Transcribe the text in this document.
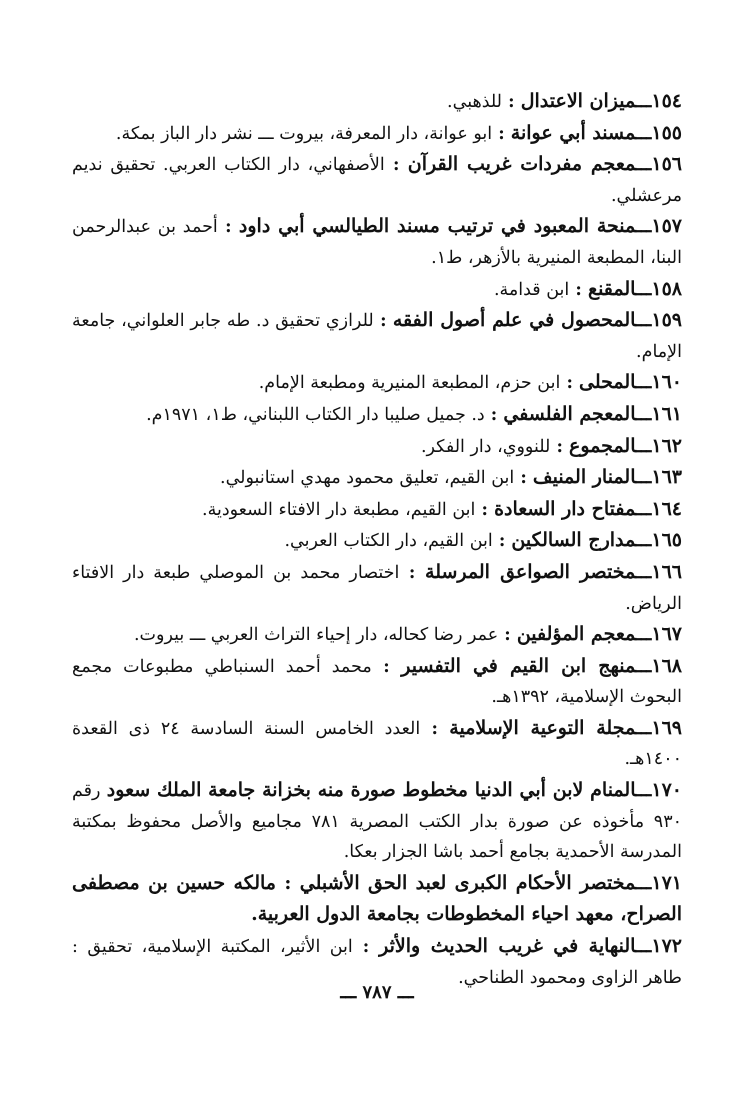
١٥٤ـــميزان الاعتدال : للذهبي.
١٥٥ـــمسند أبي عوانة : ابو عوانة، دار المعرفة، بيروت ـــ نشر دار الباز بمكة.
١٥٦ـــمعجم مفردات غريب القرآن : الأصفهاني، دار الكتاب العربي. تحقيق نديم مرعشلي.
١٥٧ـــمنحة المعبود في ترتيب مسند الطيالسي أبي داود : أحمد بن عبدالرحمن البنا، المطبعة المنيرية بالأزهر، ط١.
١٥٨ـــالمقنع : ابن قدامة.
١٥٩ـــالمحصول في علم أصول الفقه : للرازي تحقيق د. طه جابر العلواني، جامعة الإمام.
١٦٠ـــالمحلى : ابن حزم، المطبعة المنيرية ومطبعة الإمام.
١٦١ـــالمعجم الفلسفي : د. جميل صليبا دار الكتاب اللبناني، ط١، ١٩٧١م.
١٦٢ـــالمجموع : للنووي، دار الفكر.
١٦٣ـــالمنار المنيف : ابن القيم، تعليق محمود مهدي استانبولي.
١٦٤ـــمفتاح دار السعادة : ابن القيم، مطبعة دار الافتاء السعودية.
١٦٥ـــمدارج السالكين : ابن القيم، دار الكتاب العربي.
١٦٦ـــمختصر الصواعق المرسلة : اختصار محمد بن الموصلي طبعة دار الافتاء الرياض.
١٦٧ـــمعجم المؤلفين : عمر رضا كحاله، دار إحياء التراث العربي ـــ بيروت.
١٦٨ـــمنهج ابن القيم في التفسير : محمد أحمد السنباطي مطبوعات مجمع البحوث الإسلامية، ١٣٩٢هـ.
١٦٩ـــمجلة التوعية الإسلامية : العدد الخامس السنة السادسة ٢٤ ذى القعدة ١٤٠٠هـ.
١٧٠ـــالمنام لابن أبي الدنيا مخطوط صورة منه بخزانة جامعة الملك سعود رقم ٩٣٠ مأخوذه عن صورة بدار الكتب المصرية ٧٨١ مجاميع والأصل محفوظ بمكتبة المدرسة الأحمدية بجامع أحمد باشا الجزار بعكا.
١٧١ـــمختصر الأحكام الكبرى لعبد الحق الأشبلي : مالكه حسين بن مصطفى الصراح، معهد احياء المخطوطات بجامعة الدول العربية.
١٧٢ـــالنهاية في غريب الحديث والأثر : ابن الأثير، المكتبة الإسلامية، تحقيق : طاهر الزاوى ومحمود الطناحي.
ـــ ٧٨٧ ـــ
